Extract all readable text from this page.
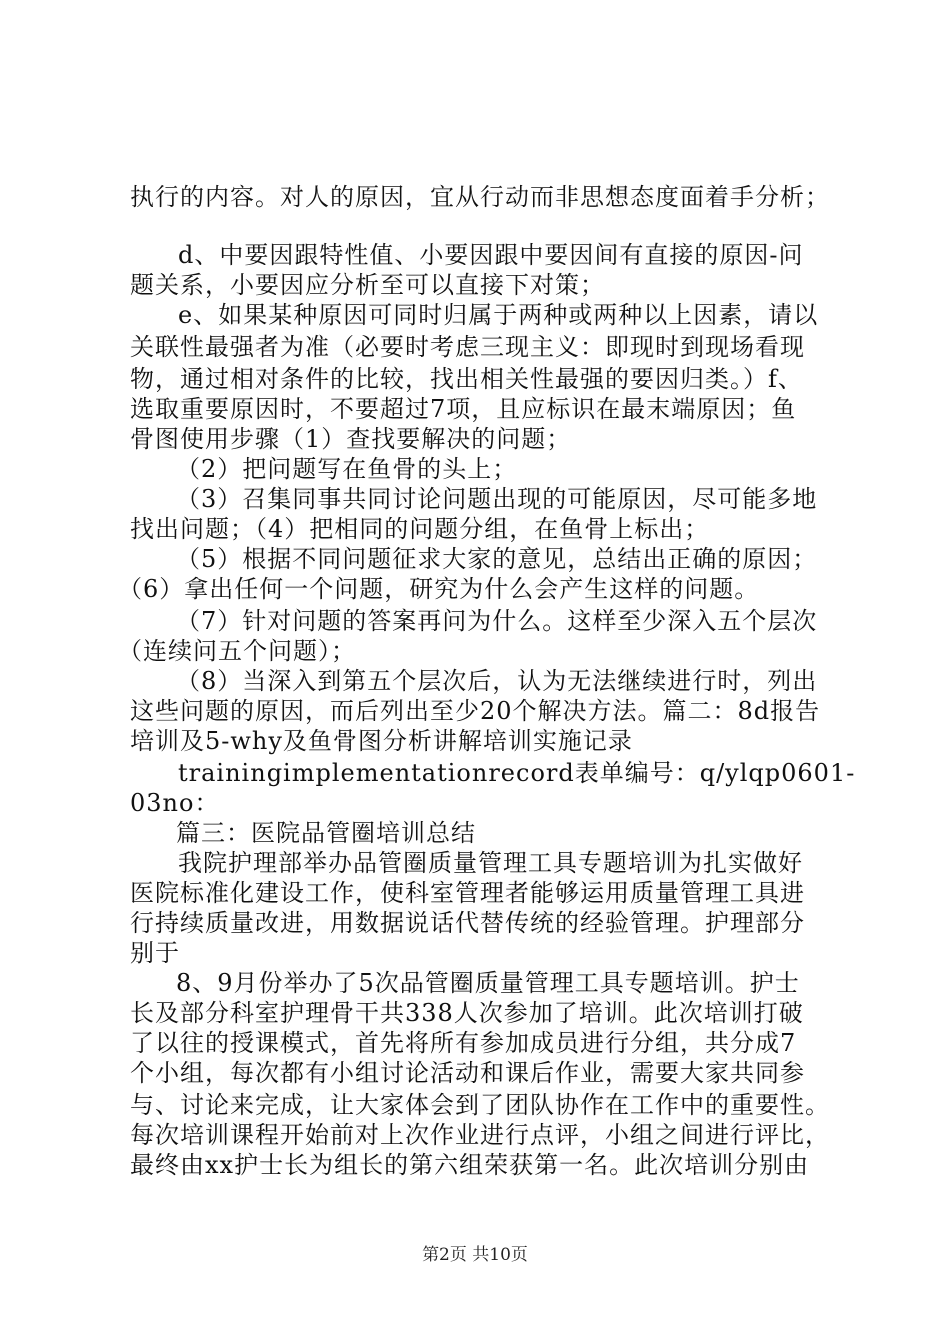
执行的内容。对人的原因，宜从行动而非思想态度面着手分析；
d、中要因跟特性值、小要因跟中要因间有直接的原因-问
题关系，小要因应分析至可以直接下对策；
e、如果某种原因可同时归属于两种或两种以上因素，请以
关联性最强者为准（必要时考虑三现主义：即现时到现场看现
物，通过相对条件的比较，找出相关性最强的要因归类。）f、
选取重要原因时，不要超过7项，且应标识在最末端原因；鱼
骨图使用步骤（1）查找要解决的问题；
（2）把问题写在鱼骨的头上；
（3）召集同事共同讨论问题出现的可能原因，尽可能多地
找出问题；（4）把相同的问题分组，在鱼骨上标出；
（5）根据不同问题征求大家的意见，总结出正确的原因；
（6）拿出任何一个问题，研究为什么会产生这样的问题。
（7）针对问题的答案再问为什么。这样至少深入五个层次
（连续问五个问题）；
（8）当深入到第五个层次后，认为无法继续进行时，列出
这些问题的原因，而后列出至少20个解决方法。篇二：8d报告
培训及5-why及鱼骨图分析讲解培训实施记录
trainingimplementationrecord表单编号：q/ylqp0601-
03no：
篇三：医院品管圈培训总结
我院护理部举办品管圈质量管理工具专题培训为扎实做好
医院标准化建设工作，使科室管理者能够运用质量管理工具进
行持续质量改进，用数据说话代替传统的经验管理。护理部分
别于
8、9月份举办了5次品管圈质量管理工具专题培训。护士
长及部分科室护理骨干共338人次参加了培训。此次培训打破
了以往的授课模式，首先将所有参加成员进行分组，共分成7
个小组，每次都有小组讨论活动和课后作业，需要大家共同参
与、讨论来完成，让大家体会到了团队协作在工作中的重要性。
每次培训课程开始前对上次作业进行点评，小组之间进行评比，
最终由xx护士长为组长的第六组荣获第一名。此次培训分别由
第2页 共10页
